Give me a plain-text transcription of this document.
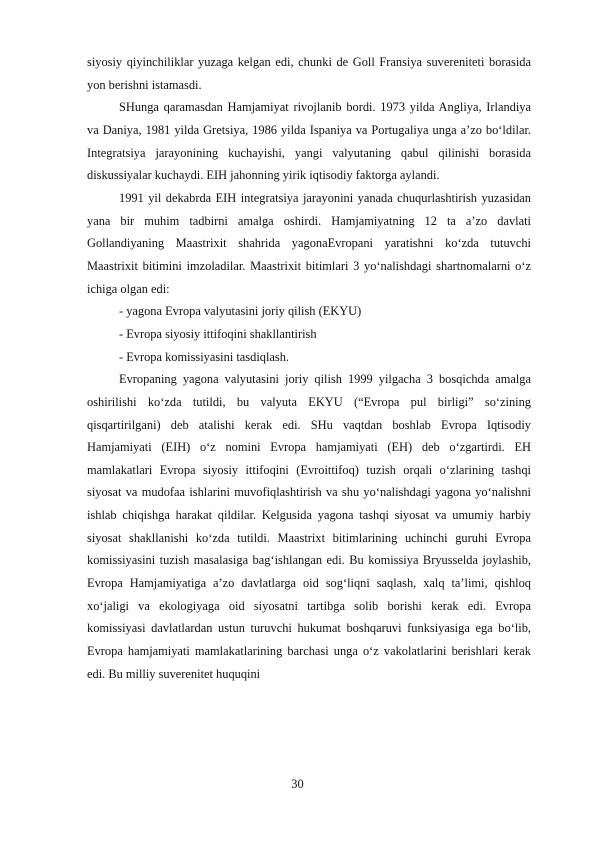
siyosiy qiyinchiliklar yuzaga kelgan edi, chunki de Goll Fransiya suvereniteti borasida yon berishni istamasdi.

SHunga qaramasdan Hamjamiyat rivojlanib bordi. 1973 yilda Angliya, Irlandiya va Daniya, 1981 yilda Gretsiya, 1986 yilda Ispaniya va Portugaliya unga a’zo bo‘ldilar. Integratsiya jarayonining kuchayishi, yangi valyutaning qabul qilinishi borasida diskussiyalar kuchaydi. EIH jahonning yirik iqtisodiy faktorga aylandi.

1991 yil dekabrda EIH integratsiya jarayonini yanada chuqurlashtirish yuzasidan yana bir muhim tadbirni amalga oshirdi. Hamjamiyatning 12 ta a’zo davlati Gollandiyaning Maastrixit shahrida yagonaEvropani yaratishni ko‘zda tutuvchi Maastrixit bitimini imzoladilar. Maastrixit bitimlari 3 yo‘nalishdagi shartnomalarni o‘z ichiga olgan edi:

- yagona Evropa valyutasini joriy qilish (EKYU)

- Evropa siyosiy ittifoqini shakllantirish

- Evropa komissiyasini tasdiqlash.

Evropaning yagona valyutasini joriy qilish 1999 yilgacha 3 bosqichda amalga oshirilishi ko‘zda tutildi, bu valyuta EKYU (“Evropa pul birligi” so‘zining qisqartirilgani) deb atalishi kerak edi. SHu vaqtdan boshlab Evropa Iqtisodiy Hamjamiyati (EIH) o‘z nomini Evropa hamjamiyati (EH) deb o‘zgartirdi. EH mamlakatlari Evropa siyosiy ittifoqini (Evroittifoq) tuzish orqali o‘zlarining tashqi siyosat va mudofaa ishlarini muvofiqlashtirish va shu yo‘nalishdagi yagona yo‘nalishni ishlab chiqishga harakat qildilar. Kelgusida yagona tashqi siyosat va umumiy harbiy siyosat shakllanishi ko‘zda tutildi. Maastrixt bitimlarining uchinchi guruhi Evropa komissiyasini tuzish masalasiga bag‘ishlangan edi. Bu komissiya Bryusselda joylashib, Evropa Hamjamiyatiga a’zo davlatlarga oid sog‘liqni saqlash, xalq ta’limi, qishloq xo‘jaligi va ekologiyaga oid siyosatni tartibga solib borishi kerak edi. Evropa komissiyasi davlatlardan ustun turuvchi hukumat boshqaruvi funksiyasiga ega bo‘lib, Evropa hamjamiyati mamlakatlarining barchasi unga o‘z vakolatlarini berishlari kerak edi. Bu milliy suverenitet huquqini

30
